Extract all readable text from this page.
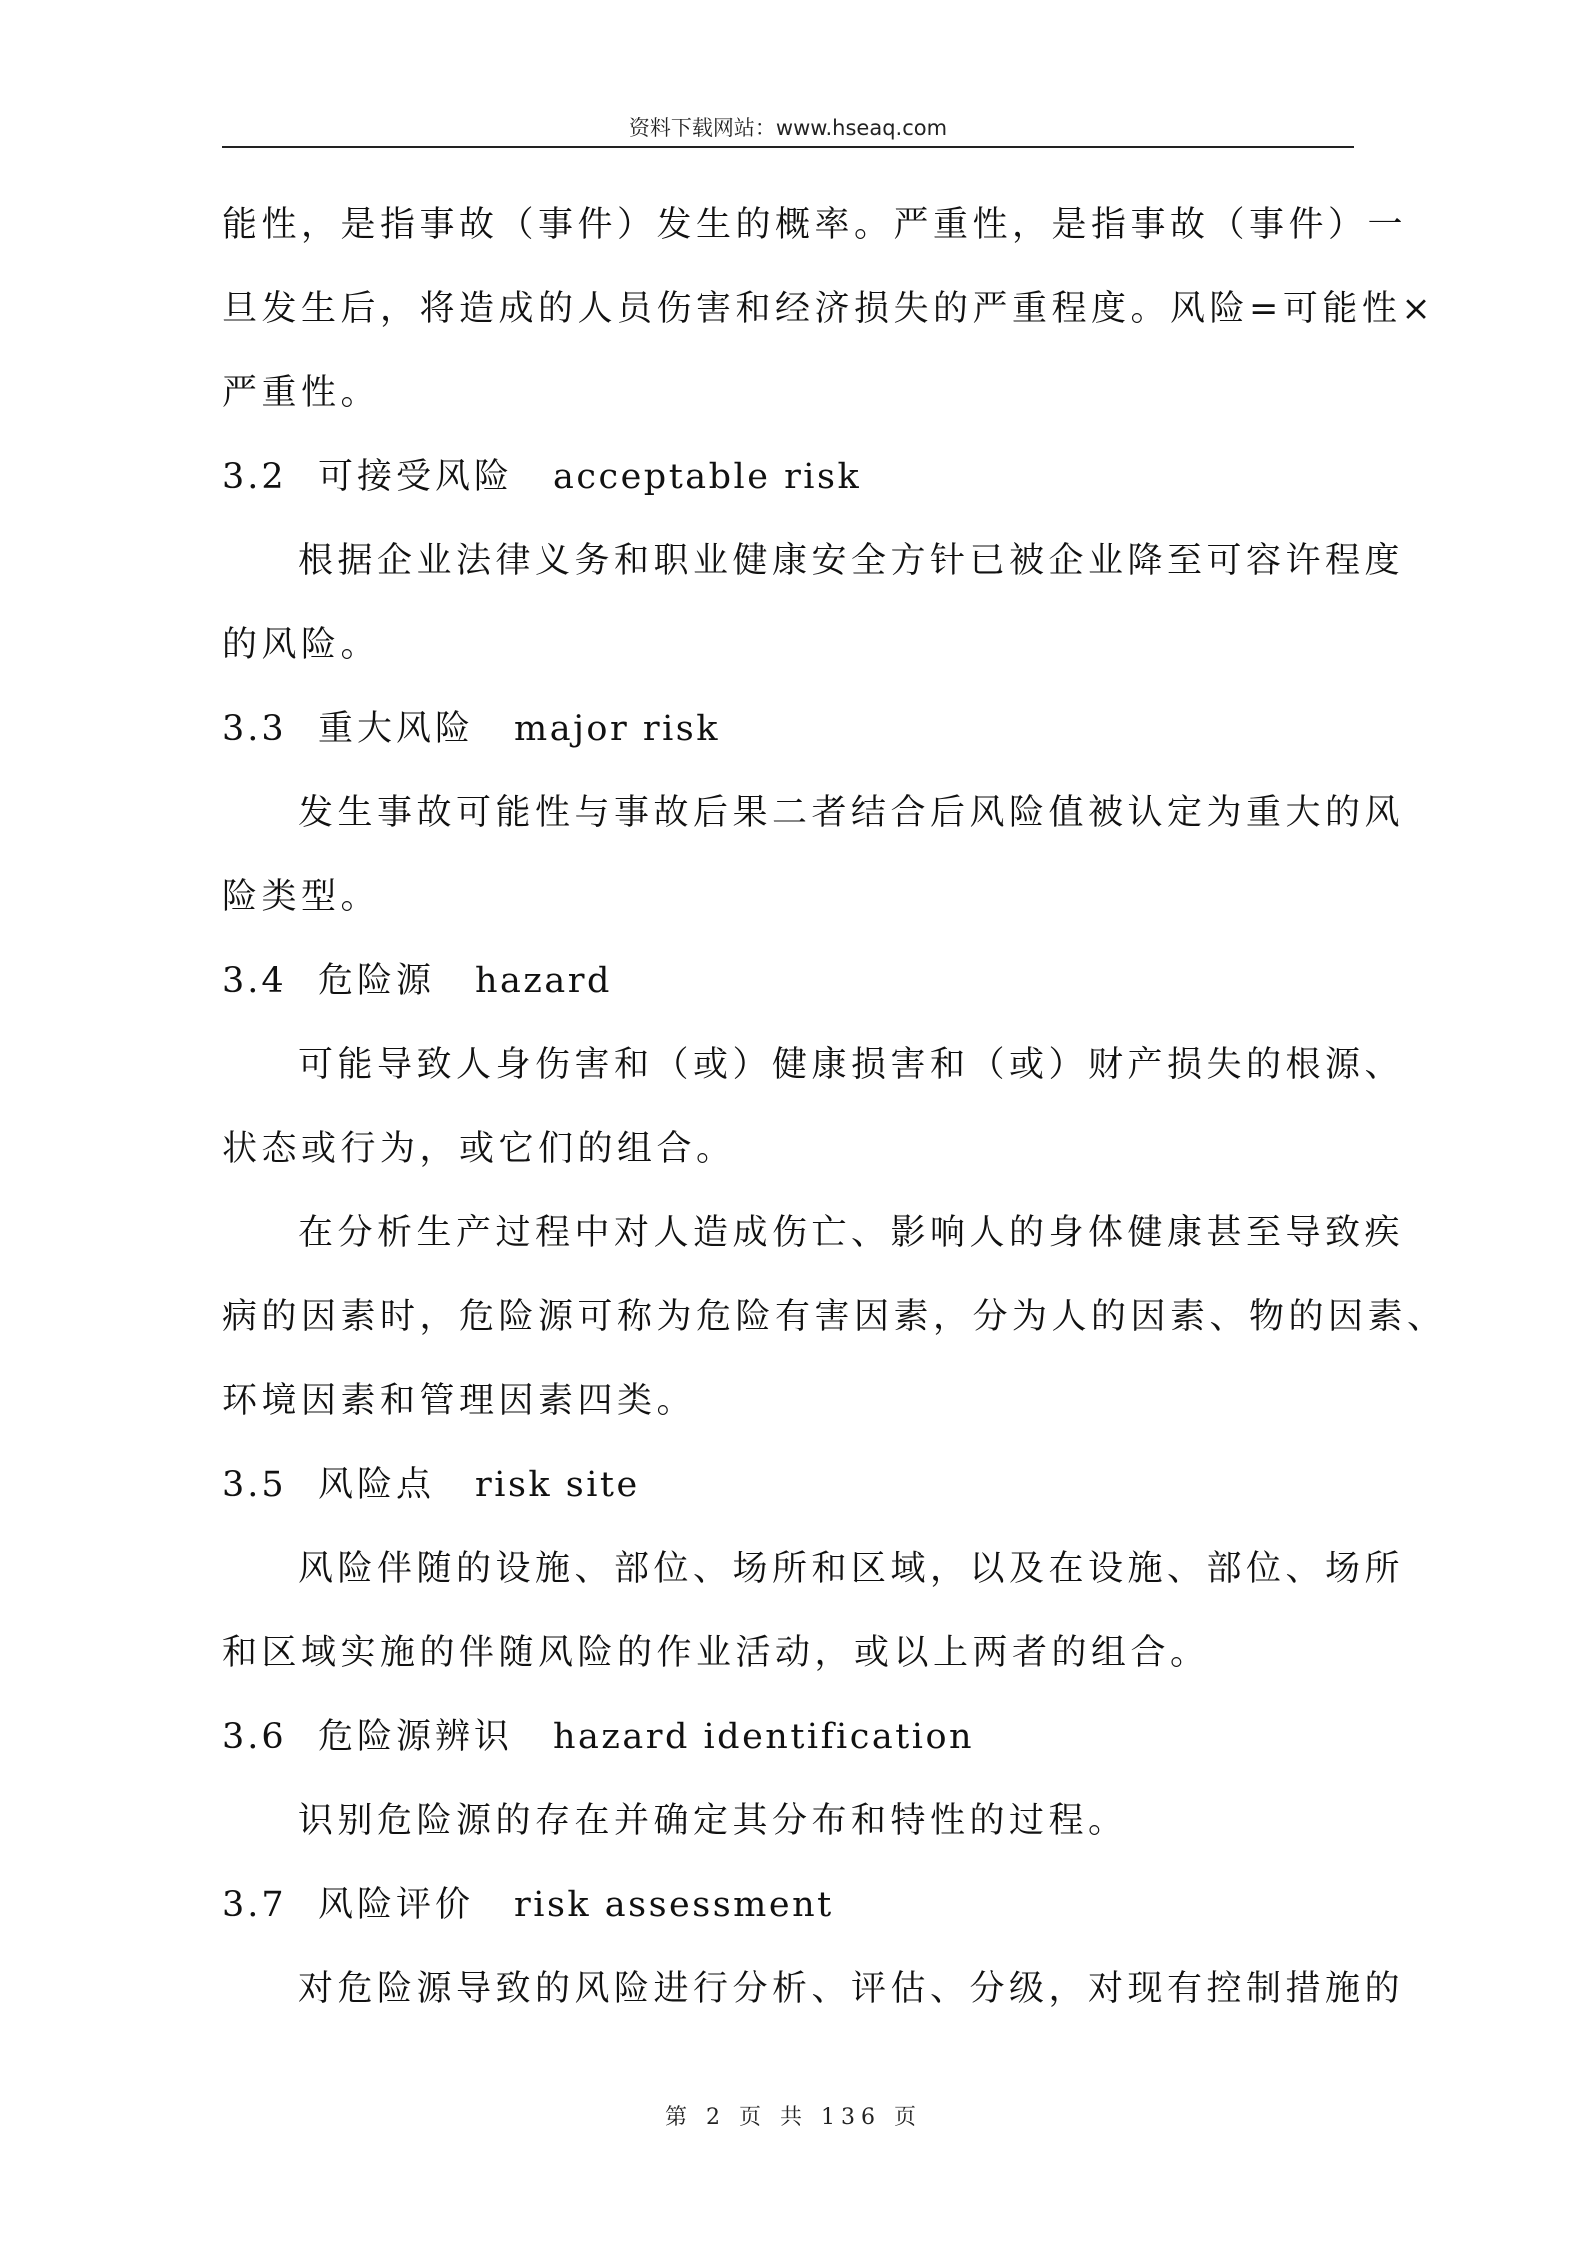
资料下载网站：www.hseaq.com
能性，是指事故（事件）发生的概率。严重性，是指事故（事件）一
旦发生后，将造成的人员伤害和经济损失的严重程度。风险=可能性×
严重性。
3.2 可接受风险 acceptable risk
根据企业法律义务和职业健康安全方针已被企业降至可容许程度
的风险。
3.3 重大风险 major risk
发生事故可能性与事故后果二者结合后风险值被认定为重大的风
险类型。
3.4 危险源 hazard
可能导致人身伤害和（或）健康损害和（或）财产损失的根源、
状态或行为，或它们的组合。
在分析生产过程中对人造成伤亡、影响人的身体健康甚至导致疾
病的因素时，危险源可称为危险有害因素，分为人的因素、物的因素、
环境因素和管理因素四类。
3.5 风险点 risk site
风险伴随的设施、部位、场所和区域，以及在设施、部位、场所
和区域实施的伴随风险的作业活动，或以上两者的组合。
3.6 危险源辨识 hazard identification
识别危险源的存在并确定其分布和特性的过程。
3.7 风险评价 risk assessment
对危险源导致的风险进行分析、评估、分级，对现有控制措施的
第 2 页 共 136 页
